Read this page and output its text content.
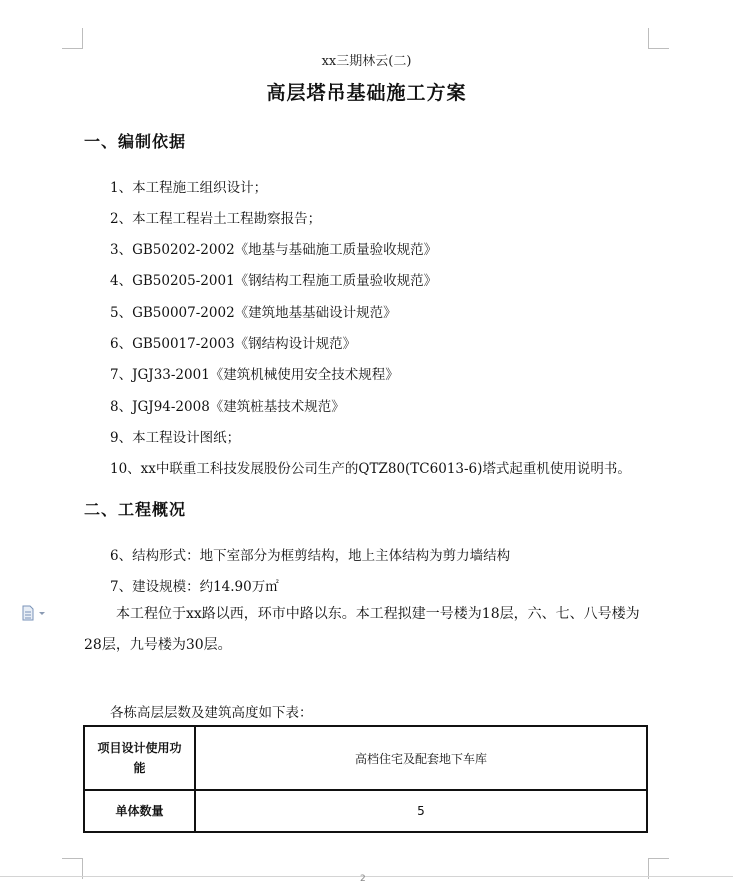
xx三期林云(二)
高层塔吊基础施工方案
一、编制依据
1、本工程施工组织设计；
2、本工程工程岩土工程勘察报告；
3、GB50202-2002《地基与基础施工质量验收规范》
4、GB50205-2001《钢结构工程施工质量验收规范》
5、GB50007-2002《建筑地基基础设计规范》
6、GB50017-2003《钢结构设计规范》
7、JGJ33-2001《建筑机械使用安全技术规程》
8、JGJ94-2008《建筑桩基技术规范》
9、本工程设计图纸；
10、xx中联重工科技发展股份公司生产的QTZ80(TC6013-6)塔式起重机使用说明书。
二、工程概况
6、结构形式：地下室部分为框剪结构，地上主体结构为剪力墙结构
7、建设规模：约14.90万㎡
本工程位于xx路以西，环市中路以东。本工程拟建一号楼为18层，六、七、八号楼为28层，九号楼为30层。
各栋高层层数及建筑高度如下表：
项目设计使用功能	高档住宅及配套地下车库
单体数量	5
2
